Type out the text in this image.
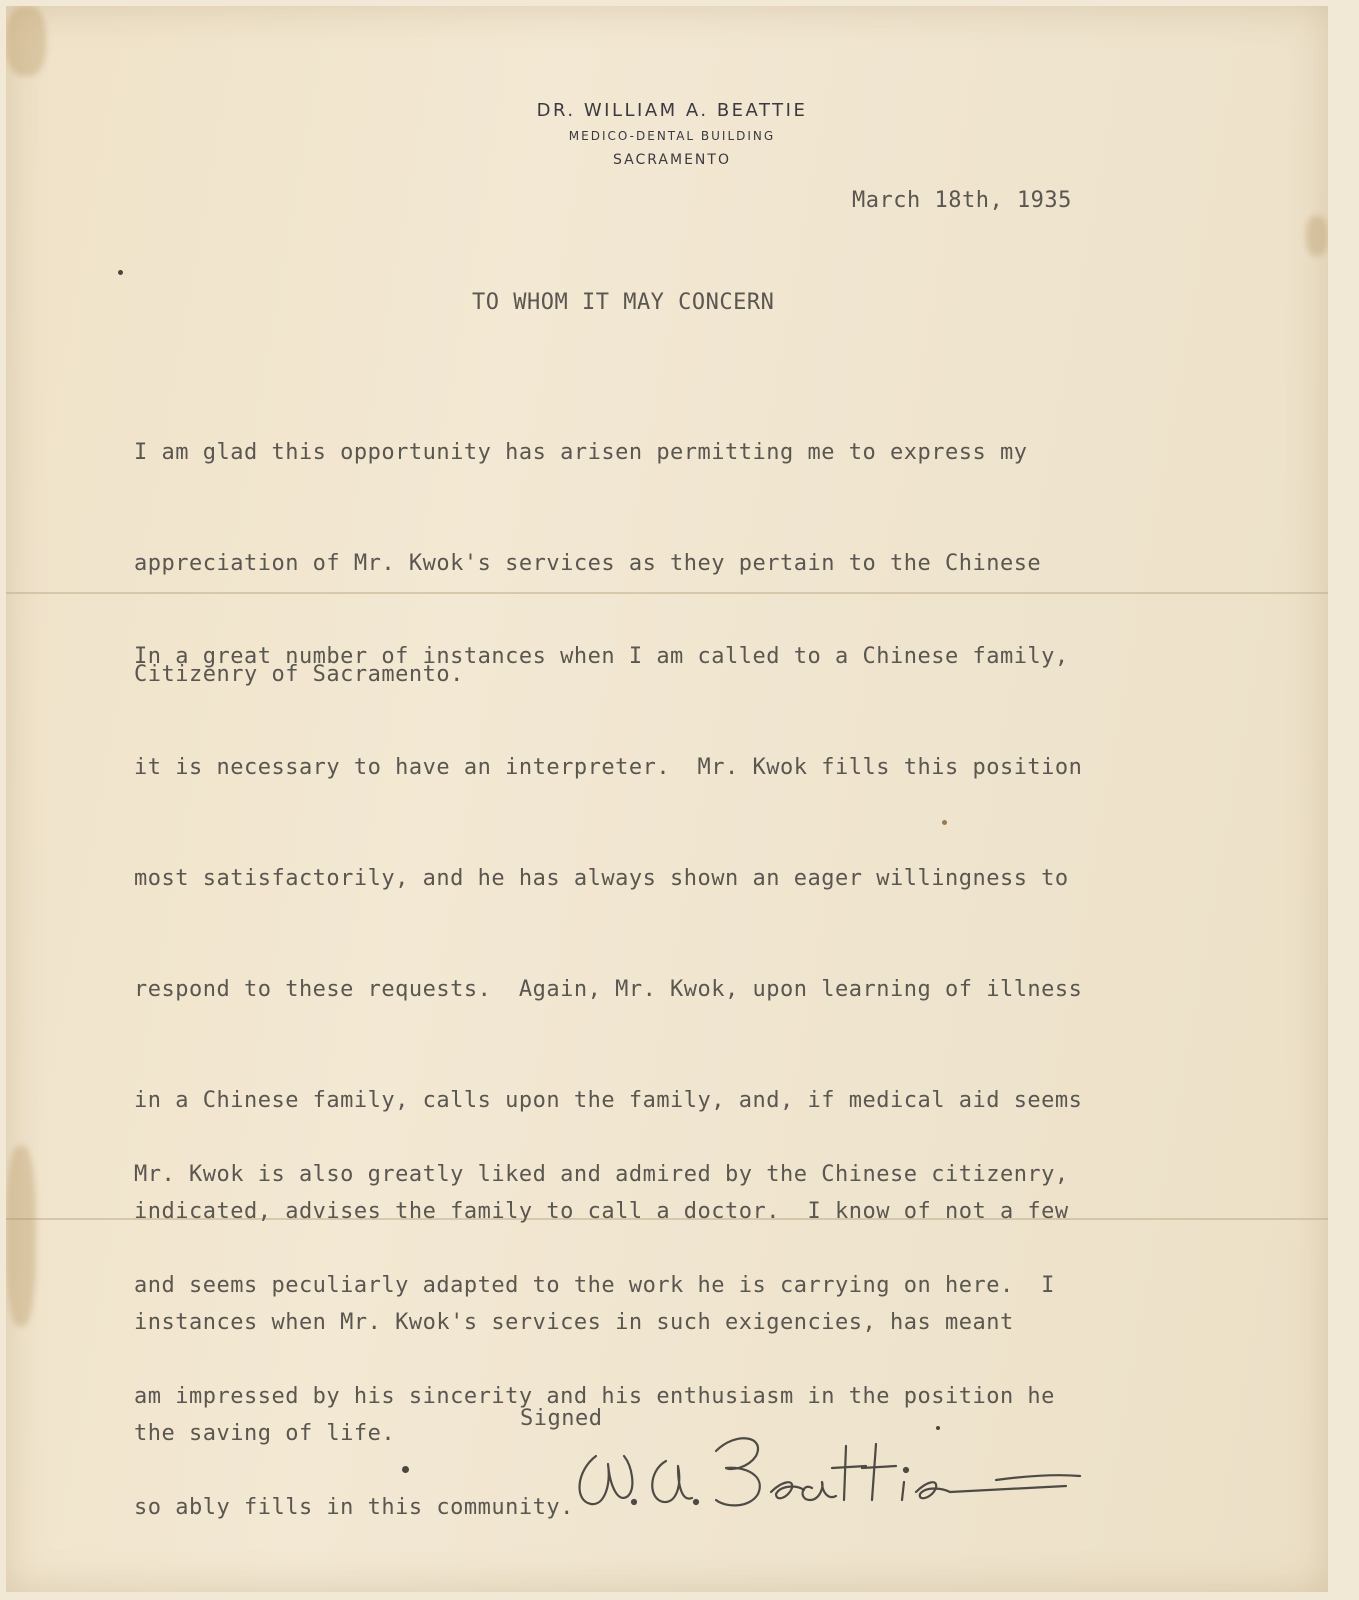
DR. WILLIAM A. BEATTIE
MEDICO-DENTAL BUILDING
SACRAMENTO
March 18th, 1935
TO WHOM IT MAY CONCERN

I am glad this opportunity has arisen permitting me to express my

appreciation of Mr. Kwok's services as they pertain to the Chinese

Citizenry of Sacramento.

In a great number of instances when I am called to a Chinese family,

it is necessary to have an interpreter.  Mr. Kwok fills this position

most satisfactorily, and he has always shown an eager willingness to

respond to these requests.  Again, Mr. Kwok, upon learning of illness

in a Chinese family, calls upon the family, and, if medical aid seems

indicated, advises the family to call a doctor.  I know of not a few

instances when Mr. Kwok's services in such exigencies, has meant

the saving of life.

Mr. Kwok is also greatly liked and admired by the Chinese citizenry,

and seems peculiarly adapted to the work he is carrying on here.  I

am impressed by his sincerity and his enthusiasm in the position he

so ably fills in this community.

Signed
